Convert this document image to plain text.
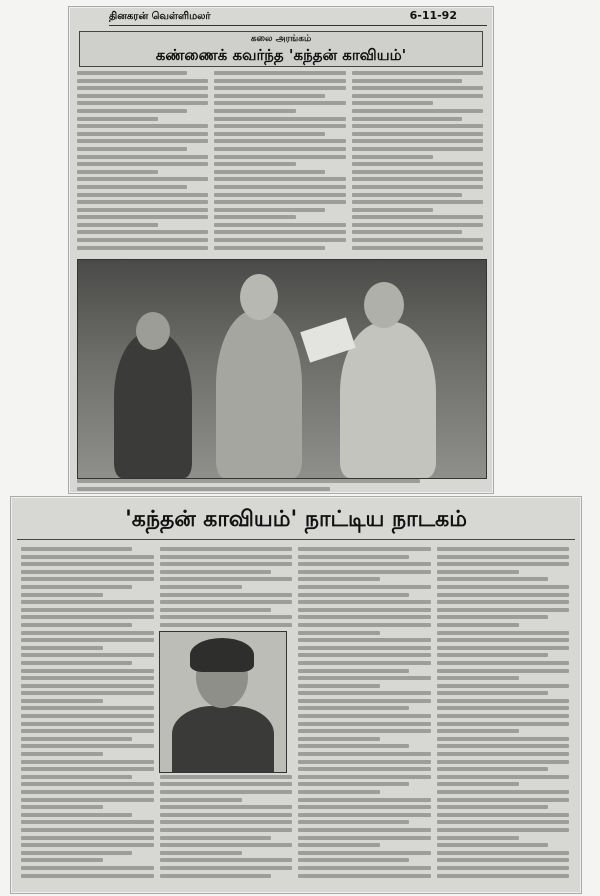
தினகரன் வெள்ளிமலர்	6-11-92
கலை அரங்கம்
கண்ணைக் கவர்ந்த 'கந்தன் காவியம்'
'கந்தன் காவியம்' நாட்டிய நாடகம்
